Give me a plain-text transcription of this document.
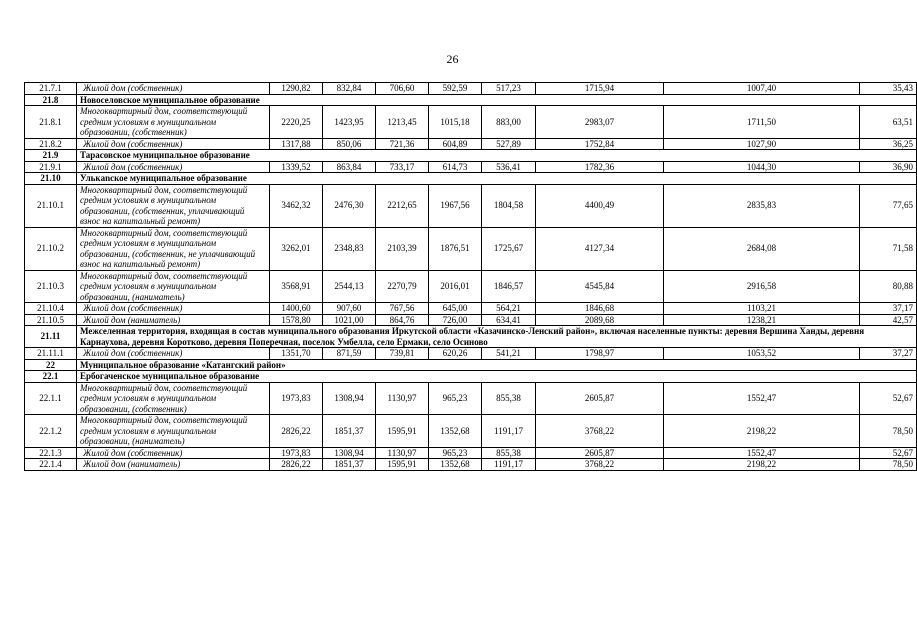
26
21.7.1	Жилой дом (собственник)	1290,82	832,84	706,60	592,59	517,23	1715,94	1007,40	35,43
21.8	Новоселовское муниципальное образование								
21.8.1	Многоквартирный дом, соответствующий средним условиям в муниципальном образовании, (собственник)	2220,25	1423,95	1213,45	1015,18	883,00	2983,07	1711,50	63,51
21.8.2	Жилой дом (собственник)	1317,88	850,06	721,36	604,89	527,89	1752,84	1027,90	36,25
21.9	Тарасовское муниципальное образование								
21.9.1	Жилой дом (собственник)	1339,52	863,84	733,17	614,73	536,41	1782,36	1044,30	36,90
21.10	Улькanское муниципальное образование								
21.10.1	Многоквартирный дом, соответствующий средним условиям в муниципальном образовании, (собственник, уплачивающий взнос на капитальный ремонт)	3462,32	2476,30	2212,65	1967,56	1804,58	4400,49	2835,83	77,65
21.10.2	Многоквартирный дом, соответствующий средним условиям в муниципальном образовании, (собственник, не уплачивающий взнос на капитальный ремонт)	3262,01	2348,83	2103,39	1876,51	1725,67	4127,34	2684,08	71,58
21.10.3	Многоквартирный дом, соответствующий средним условиям в муниципальном образовании, (наниматель)	3568,91	2544,13	2270,79	2016,01	1846,57	4545,84	2916,58	80,88
21.10.4	Жилой дом (собственник)	1400,60	907,60	767,56	645,00	564,21	1846,68	1103,21	37,17
21.10.5	Жилой дом (наниматель)	1578,80	1021,00	864,76	726,00	634,41	2089,68	1238,21	42,57
21.11	Межселенная территория, входящая в состав муниципального образования Иркутской области «Казачинско-Ленский район», включая населенные пункты: деревня Вершина Ханды, деревня Карнаухова, деревня Коротково, деревня Поперечная, поселок Умбелла, село Ермаки, село Осиново								
21.11.1	Жилой дом (собственник)	1351,70	871,59	739,81	620,26	541,21	1798,97	1053,52	37,27
22	Муниципальное образование «Катангский район»								
22.1	Ербогаченское муниципальное образование								
22.1.1	Многоквартирный дом, соответствующий средним условиям в муниципальном образовании, (собственник)	1973,83	1308,94	1130,97	965,23	855,38	2605,87	1552,47	52,67
22.1.2	Многоквартирный дом, соответствующий средним условиям в муниципальном образовании, (наниматель)	2826,22	1851,37	1595,91	1352,68	1191,17	3768,22	2198,22	78,50
22.1.3	Жилой дом (собственник)	1973,83	1308,94	1130,97	965,23	855,38	2605,87	1552,47	52,67
22.1.4	Жилой дом (наниматель)	2826,22	1851,37	1595,91	1352,68	1191,17	3768,22	2198,22	78,50
